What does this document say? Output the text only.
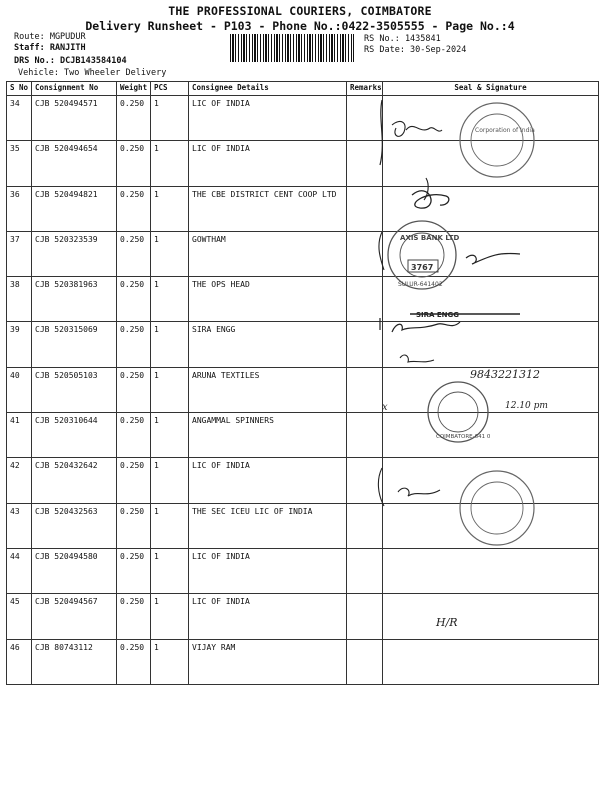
THE PROFESSIONAL COURIERS, COIMBATORE
Delivery Runsheet - P103 - Phone No.:0422-3505555 - Page No.:4
Route: MGPUDUR
Staff: RANJITH
DRS No.: DCJB143584104
Vehicle: Two Wheeler Delivery
RS No.: 1435841
RS Date: 30-Sep-2024
S No	Consignment No	Weight	PCS	Consignee Details	Remarks	Seal & Signature
34	CJB 520494571	0.250	1	LIC OF INDIA		
35	CJB 520494654	0.250	1	LIC OF INDIA		
36	CJB 520494821	0.250	1	THE CBE DISTRICT CENT COOP LTD		
37	CJB 520323539	0.250	1	GOWTHAM		
38	CJB 520381963	0.250	1	THE OPS HEAD		
39	CJB 520315069	0.250	1	SIRA ENGG		
40	CJB 520505103	0.250	1	ARUNA TEXTILES		
41	CJB 520310644	0.250	1	ANGAMMAL SPINNERS		
42	CJB 520432642	0.250	1	LIC OF INDIA		
43	CJB 520432563	0.250	1	THE SEC ICEU LIC OF INDIA		
44	CJB 520494580	0.250	1	LIC OF INDIA		
45	CJB 520494567	0.250	1	LIC OF INDIA		
46	CJB 80743112	0.250	1	VIJAY RAM		
Corporation of India
AXIS BANK LTD
3767
SULUR-641402
SIRA ENGG
9843221312
x
COIMBATORE-641 0
12.10 pm
H/R
